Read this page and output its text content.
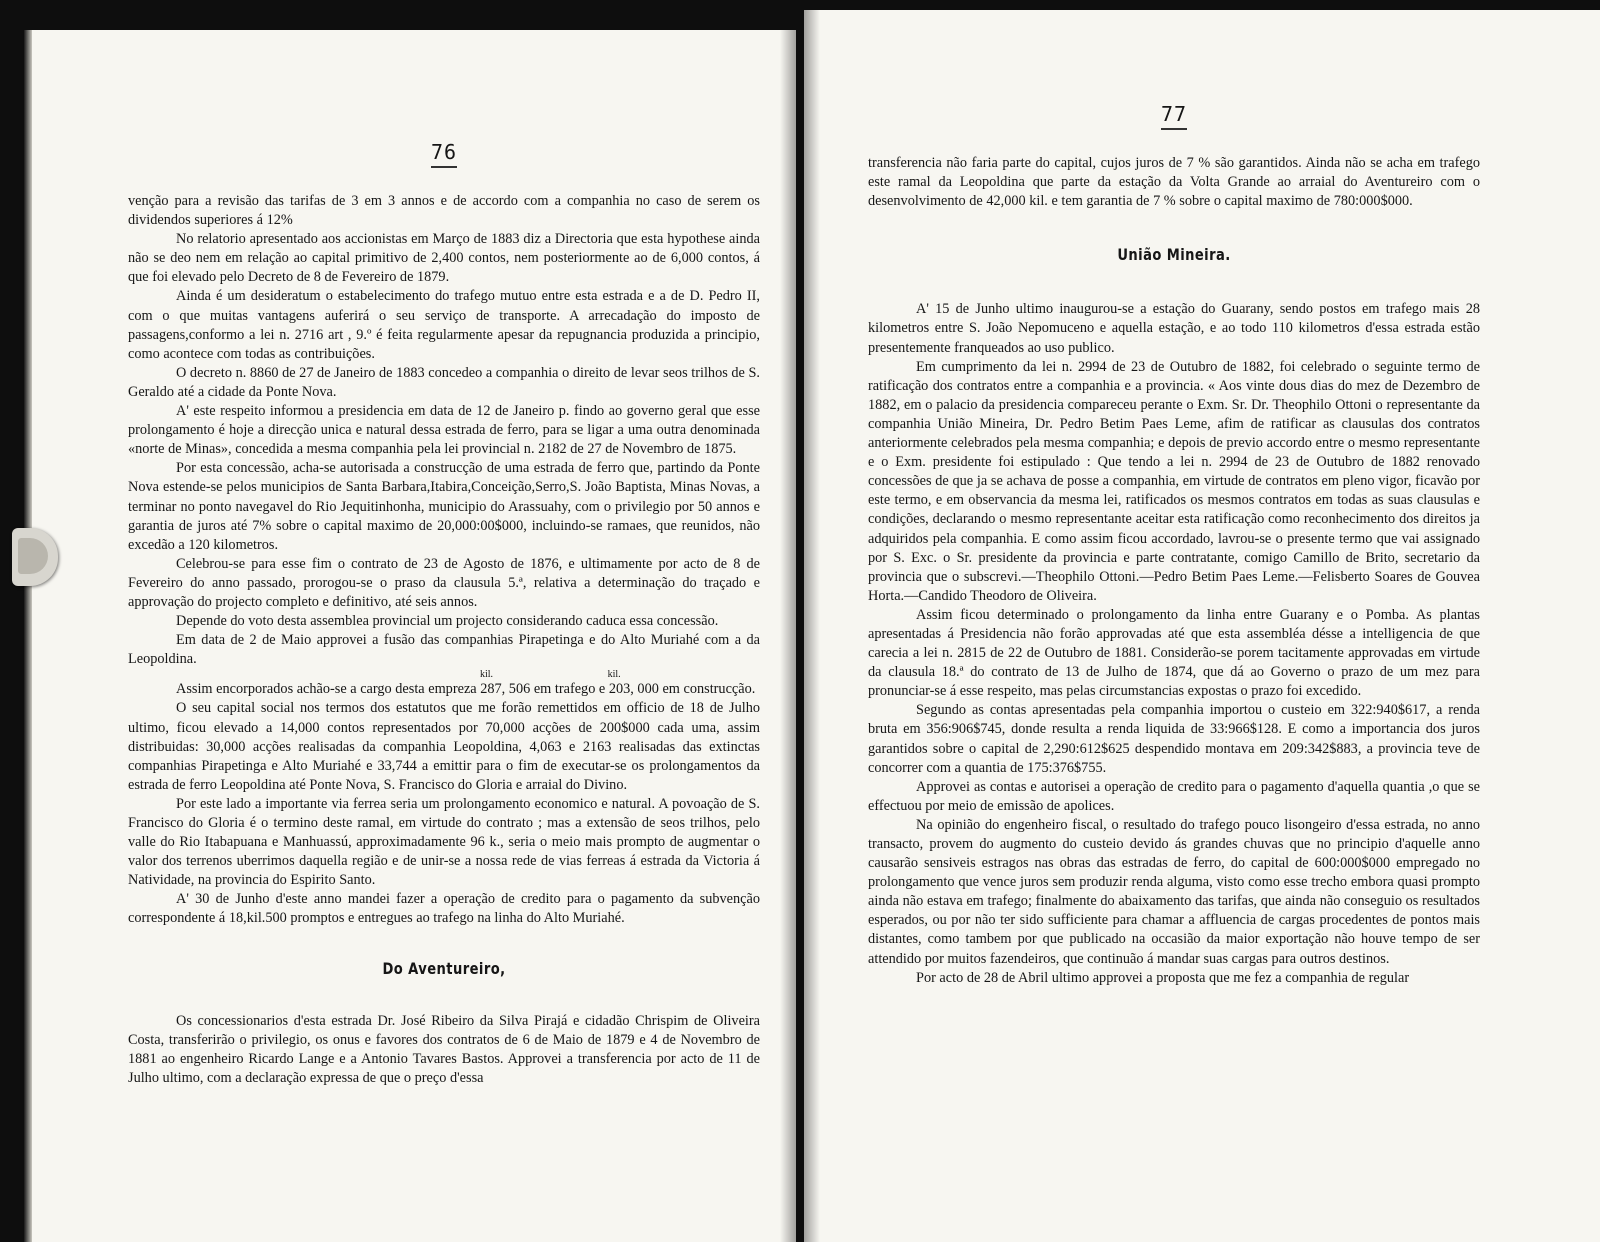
76

venção para a revisão das tarifas de 3 em 3 annos e de accordo com a companhia no caso de serem os dividendos superiores á 12%

No relatorio apresentado aos accionistas em Março de 1883 diz a Directoria que esta hypothese ainda não se deo nem em relação ao capital primitivo de 2,400 contos, nem posteriormente ao de 6,000 contos, á que foi elevado pelo Decreto de 8 de Fevereiro de 1879.

Ainda é um desideratum o estabelecimento do trafego mutuo entre esta estrada e a de D. Pedro II, com o que muitas vantagens auferirá o seu serviço de transporte. A arrecadação do imposto de passagens,conformo a lei n. 2716 art , 9.º é feita regularmente apesar da repugnancia produzida a principio, como acontece com todas as contribuições.

O decreto n. 8860 de 27 de Janeiro de 1883 concedeo a companhia o direito de levar seos trilhos de S. Geraldo até a cidade da Ponte Nova.

A' este respeito informou a presidencia em data de 12 de Janeiro p. findo ao governo geral que esse prolongamento é hoje a direcção unica e natural dessa estrada de ferro, para se ligar a uma outra denominada «norte de Minas», concedida a mesma companhia pela lei provincial n. 2182 de 27 de Novembro de 1875.

Por esta concessão, acha-se autorisada a construcção de uma estrada de ferro que, partindo da Ponte Nova estende-se pelos municipios de Santa Barbara,Itabira,Conceição,Serro,S. João Baptista, Minas Novas, a terminar no ponto navegavel do Rio Jequitinhonha, municipio do Arassuahy, com o privilegio por 50 annos e garantia de juros até 7% sobre o capital maximo de 20,000:00$000, incluindo-se ramaes, que reunidos, não excedão a 120 kilometros.

Celebrou-se para esse fim o contrato de 23 de Agosto de 1876, e ultimamente por acto de 8 de Fevereiro do anno passado, prorogou-se o praso da clausula 5.ª, relativa a determinação do traçado e approvação do projecto completo e definitivo, até seis annos.

Depende do voto desta assemblea provincial um projecto considerando caduca essa concessão.

Em data de 2 de Maio approvei a fusão das companhias Pirapetinga e do Alto Muriahé com a da Leopoldina.

kil.	kil.

Assim encorporados achão-se a cargo desta empreza 287, 506 em trafego e 203, 000 em construcção.

O seu capital social nos termos dos estatutos que me forão remettidos em officio de 18 de Julho ultimo, ficou elevado a 14,000 contos representados por 70,000 acções de 200$000 cada uma, assim distribuidas: 30,000 acções realisadas da companhia Leopoldina, 4,063 e 2163 realisadas das extinctas companhias Pirapetinga e Alto Muriahé e 33,744 a emittir para o fim de executar-se os prolongamentos da estrada de ferro Leopoldina até Ponte Nova, S. Francisco do Gloria e arraial do Divino.

Por este lado a importante via ferrea seria um prolongamento economico e natural. A povoação de S. Francisco do Gloria é o termino deste ramal, em virtude do contrato ; mas a extensão de seos trilhos, pelo valle do Rio Itabapuana e Manhuassú, approximadamente 96 k., seria o meio mais prompto de augmentar o valor dos terrenos uberrimos daquella região e de unir-se a nossa rede de vias ferreas á estrada da Victoria á Natividade, na provincia do Espirito Santo.

A' 30 de Junho d'este anno mandei fazer a operação de credito para o pagamento da subvenção correspondente á 18,kil.500 promptos e entregues ao trafego na linha do Alto Muriahé.

Do Aventureiro,

Os concessionarios d'esta estrada Dr. José Ribeiro da Silva Pirajá e cidadão Chrispim de Oliveira Costa, transferirão o privilegio, os onus e favores dos contratos de 6 de Maio de 1879 e 4 de Novembro de 1881 ao engenheiro Ricardo Lange e a Antonio Tavares Bastos. Approvei a transferencia por acto de 11 de Julho ultimo, com a declaração expressa de que o preço d'essa

77

transferencia não faria parte do capital, cujos juros de 7 % são garantidos. Ainda não se acha em trafego este ramal da Leopoldina que parte da estação da Volta Grande ao arraial do Aventureiro com o desenvolvimento de 42,000 kil. e tem garantia de 7 % sobre o capital maximo de 780:000$000.

União Mineira.

A' 15 de Junho ultimo inaugurou-se a estação do Guarany, sendo postos em trafego mais 28 kilometros entre S. João Nepomuceno e aquella estação, e ao todo 110 kilometros d'essa estrada estão presentemente franqueados ao uso publico.

Em cumprimento da lei n. 2994 de 23 de Outubro de 1882, foi celebrado o seguinte termo de ratificação dos contratos entre a companhia e a provincia. « Aos vinte dous dias do mez de Dezembro de 1882, em o palacio da presidencia compareceu perante o Exm. Sr. Dr. Theophilo Ottoni o representante da companhia União Mineira, Dr. Pedro Betim Paes Leme, afim de ratificar as clausulas dos contratos anteriormente celebrados pela mesma companhia; e depois de previo accordo entre o mesmo representante e o Exm. presidente foi estipulado : Que tendo a lei n. 2994 de 23 de Outubro de 1882 renovado concessões de que ja se achava de posse a companhia, em virtude de contratos em pleno vigor, ficavão por este termo, e em observancia da mesma lei, ratificados os mesmos contratos em todas as suas clausulas e condições, declarando o mesmo representante aceitar esta ratificação como reconhecimento dos direitos ja adquiridos pela companhia. E como assim ficou accordado, lavrou-se o presente termo que vai assignado por S. Exc. o Sr. presidente da provincia e parte contratante, comigo Camillo de Brito, secretario da provincia que o subscrevi.—Theophilo Ottoni.—Pedro Betim Paes Leme.—Felisberto Soares de Gouvea Horta.—Candido Theodoro de Oliveira.

Assim ficou determinado o prolongamento da linha entre Guarany e o Pomba. As plantas apresentadas á Presidencia não forão approvadas até que esta assembléa désse a intelligencia de que carecia a lei n. 2815 de 22 de Outubro de 1881. Considerão-se porem tacitamente approvadas em virtude da clausula 18.ª do contrato de 13 de Julho de 1874, que dá ao Governo o prazo de um mez para pronunciar-se á esse respeito, mas pelas circumstancias expostas o prazo foi excedido.

Segundo as contas apresentadas pela companhia importou o custeio em 322:940$617, a renda bruta em 356:906$745, donde resulta a renda liquida de 33:966$128. E como a importancia dos juros garantidos sobre o capital de 2,290:612$625 despendido montava em 209:342$883, a provincia teve de concorrer com a quantia de 175:376$755.

Approvei as contas e autorisei a operação de credito para o pagamento d'aquella quantia ,o que se effectuou por meio de emissão de apolices.

Na opinião do engenheiro fiscal, o resultado do trafego pouco lisongeiro d'essa estrada, no anno transacto, provem do augmento do custeio devido ás grandes chuvas que no principio d'aquelle anno causarão sensiveis estragos nas obras das estradas de ferro, do capital de 600:000$000 empregado no prolongamento que vence juros sem produzir renda alguma, visto como esse trecho embora quasi prompto ainda não estava em trafego; finalmente do abaixamento das tarifas, que ainda não conseguio os resultados esperados, ou por não ter sido sufficiente para chamar a affluencia de cargas procedentes de pontos mais distantes, como tambem por que publicado na occasião da maior exportação não houve tempo de ser attendido por muitos fazendeiros, que continuão á mandar suas cargas para outros destinos.

Por acto de 28 de Abril ultimo approvei a proposta que me fez a companhia de regular
